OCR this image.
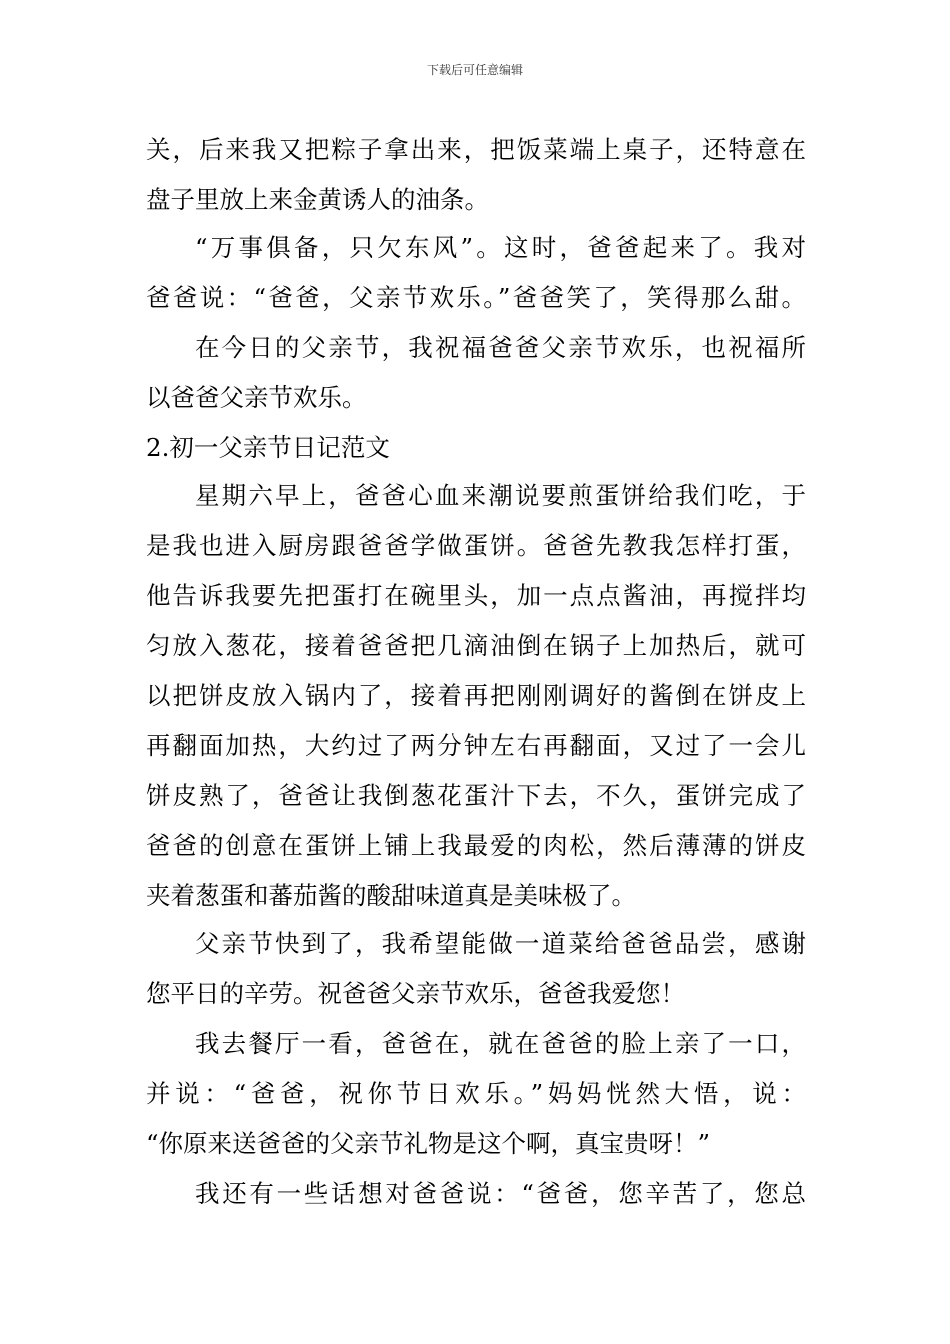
下载后可任意编辑
关，后来我又把粽子拿出来，把饭菜端上桌子，还特意在
盘子里放上来金黄诱人的油条。
“万事俱备，只欠东风”。这时，爸爸起来了。我对
爸爸说：“爸爸，父亲节欢乐。”爸爸笑了，笑得那么甜。
在今日的父亲节，我祝福爸爸父亲节欢乐，也祝福所
以爸爸父亲节欢乐。
2.初一父亲节日记范文
星期六早上，爸爸心血来潮说要煎蛋饼给我们吃，于
是我也进入厨房跟爸爸学做蛋饼。爸爸先教我怎样打蛋，
他告诉我要先把蛋打在碗里头，加一点点酱油，再搅拌均
匀放入葱花，接着爸爸把几滴油倒在锅子上加热后，就可
以把饼皮放入锅内了，接着再把刚刚调好的酱倒在饼皮上
再翻面加热，大约过了两分钟左右再翻面，又过了一会儿
饼皮熟了，爸爸让我倒葱花蛋汁下去，不久，蛋饼完成了
爸爸的创意在蛋饼上铺上我最爱的肉松，然后薄薄的饼皮
夹着葱蛋和蕃茄酱的酸甜味道真是美味极了。
父亲节快到了，我希望能做一道菜给爸爸品尝，感谢
您平日的辛劳。祝爸爸父亲节欢乐，爸爸我爱您！
我去餐厅一看，爸爸在，就在爸爸的脸上亲了一口，
并说：“爸爸，祝你节日欢乐。”妈妈恍然大悟，说：
“你原来送爸爸的父亲节礼物是这个啊，真宝贵呀！”
我还有一些话想对爸爸说：“爸爸，您辛苦了，您总
